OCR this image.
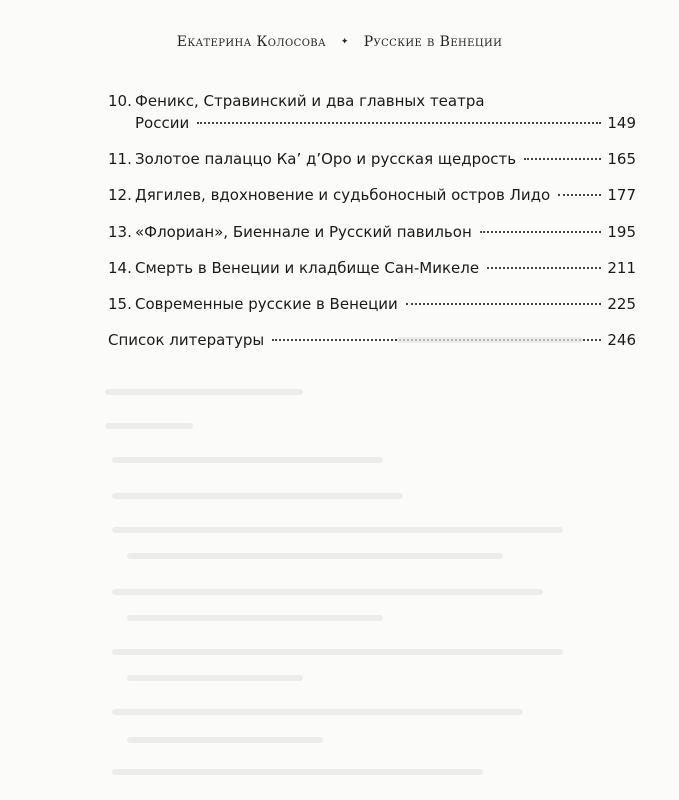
Екатерина Колосова ✦ Русские в Венеции
10. Феникс, Стравинский и два главных театра
России	149
11. Золотое палаццо Ка’ д’Оро и русская щедрость	165
12. Дягилев, вдохновение и судьбоносный остров Лидо	177
13. «Флориан», Биеннале и Русский павильон	195
14. Смерть в Венеции и кладбище Сан-Микеле	211
15. Современные русские в Венеции	225
Список литературы	246
